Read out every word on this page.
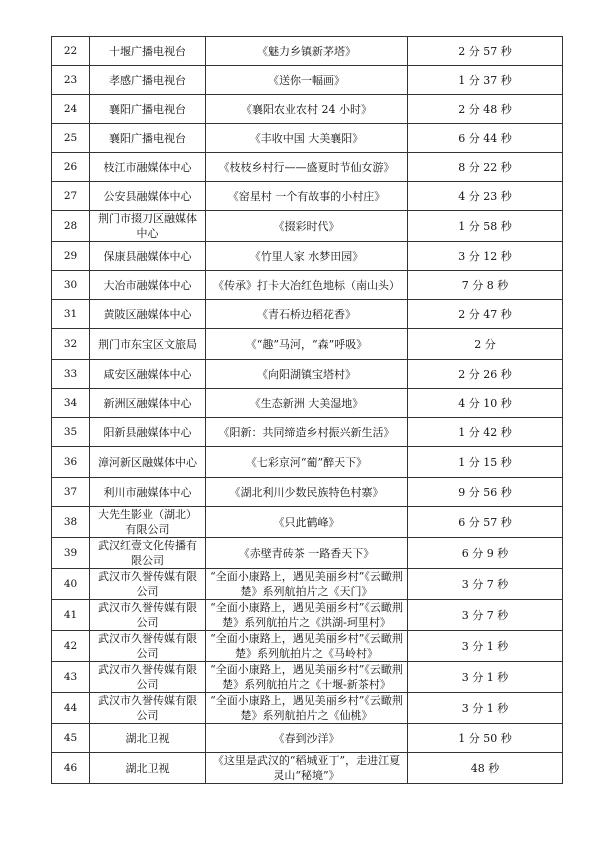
22	十堰广播电视台	《魅力乡镇新茅塔》	2 分 57 秒
23	孝感广播电视台	《送你一幅画》	1 分 37 秒
24	襄阳广播电视台	《襄阳农业农村 24 小时》	2 分 48 秒
25	襄阳广播电视台	《丰收中国 大美襄阳》	6 分 44 秒
26	枝江市融媒体中心	《枝枝乡村行——盛夏时节仙女游》	8 分 22 秒
27	公安县融媒体中心	《窑星村 一个有故事的小村庄》	4 分 23 秒
28	荆门市掇刀区融媒体中心	《掇彩时代》	1 分 58 秒
29	保康县融媒体中心	《竹里人家 水梦田园》	3 分 12 秒
30	大冶市融媒体中心	《传承》打卡大冶红色地标（南山头）	7 分 8 秒
31	黄陂区融媒体中心	《青石桥边稻花香》	2 分 47 秒
32	荆门市东宝区文旅局	《“趣”马河，“森”呼吸》	2 分
33	咸安区融媒体中心	《向阳湖镇宝塔村》	2 分 26 秒
34	新洲区融媒体中心	《生态新洲 大美湿地》	4 分 10 秒
35	阳新县融媒体中心	《阳新：共同缔造乡村振兴新生活》	1 分 42 秒
36	漳河新区融媒体中心	《七彩京河“葡”醉天下》	1 分 15 秒
37	利川市融媒体中心	《湖北利川少数民族特色村寨》	9 分 56 秒
38	大先生影业（湖北）有限公司	《只此鹤峰》	6 分 57 秒
39	武汉红壹文化传播有限公司	《赤壁青砖茶 一路香天下》	6 分 9 秒
40	武汉市久誉传媒有限公司	“全面小康路上，遇见美丽乡村”《云瞰荆楚》系列航拍片之《天门》	3 分 7 秒
41	武汉市久誉传媒有限公司	“全面小康路上，遇见美丽乡村”《云瞰荆楚》系列航拍片之《洪湖-珂里村》	3 分 7 秒
42	武汉市久誉传媒有限公司	“全面小康路上，遇见美丽乡村”《云瞰荆楚》系列航拍片之《马岭村》	3 分 1 秒
43	武汉市久誉传媒有限公司	“全面小康路上，遇见美丽乡村”《云瞰荆楚》系列航拍片之《十堰-新茶村》	3 分 1 秒
44	武汉市久誉传媒有限公司	“全面小康路上，遇见美丽乡村”《云瞰荆楚》系列航拍片之《仙桃》	3 分 1 秒
45	湖北卫视	《春到沙洋》	1 分 50 秒
46	湖北卫视	《这里是武汉的“稻城亚丁”，走进江夏灵山“秘境”》	48 秒
